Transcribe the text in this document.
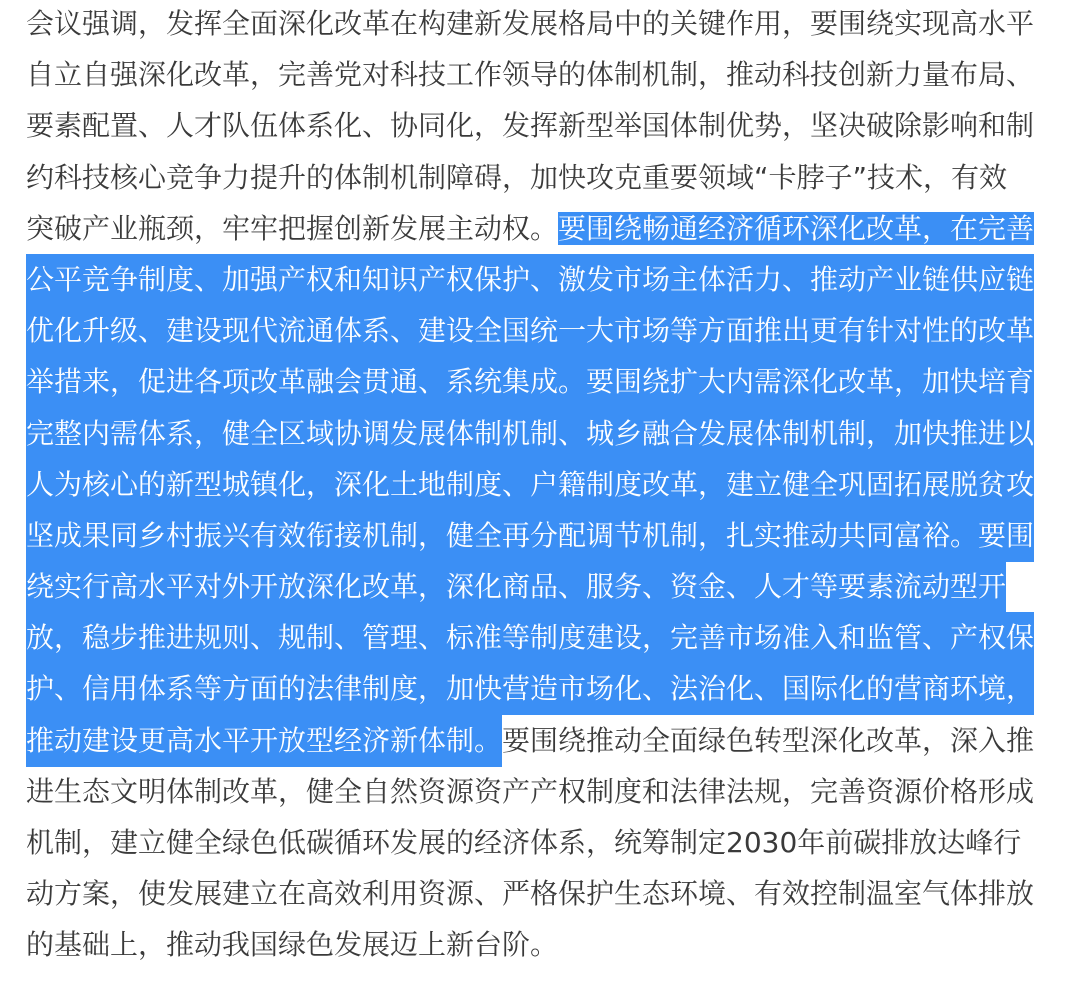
会议强调，发挥全面深化改革在构建新发展格局中的关键作用，要围绕实现高水平
自立自强深化改革，完善党对科技工作领导的体制机制，推动科技创新力量布局、
要素配置、人才队伍体系化、协同化，发挥新型举国体制优势，坚决破除影响和制
约科技核心竞争力提升的体制机制障碍，加快攻克重要领域“卡脖子”技术，有效
突破产业瓶颈，牢牢把握创新发展主动权。要围绕畅通经济循环深化改革，在完善
公平竞争制度、加强产权和知识产权保护、激发市场主体活力、推动产业链供应链
优化升级、建设现代流通体系、建设全国统一大市场等方面推出更有针对性的改革
举措来，促进各项改革融会贯通、系统集成。要围绕扩大内需深化改革，加快培育
完整内需体系，健全区域协调发展体制机制、城乡融合发展体制机制，加快推进以
人为核心的新型城镇化，深化土地制度、户籍制度改革，建立健全巩固拓展脱贫攻
坚成果同乡村振兴有效衔接机制，健全再分配调节机制，扎实推动共同富裕。要围
绕实行高水平对外开放深化改革，深化商品、服务、资金、人才等要素流动型开
放，稳步推进规则、规制、管理、标准等制度建设，完善市场准入和监管、产权保
护、信用体系等方面的法律制度，加快营造市场化、法治化、国际化的营商环境，
推动建设更高水平开放型经济新体制。要围绕推动全面绿色转型深化改革，深入推
进生态文明体制改革，健全自然资源资产产权制度和法律法规，完善资源价格形成
机制，建立健全绿色低碳循环发展的经济体系，统筹制定2030年前碳排放达峰行
动方案，使发展建立在高效利用资源、严格保护生态环境、有效控制温室气体排放
的基础上，推动我国绿色发展迈上新台阶。
